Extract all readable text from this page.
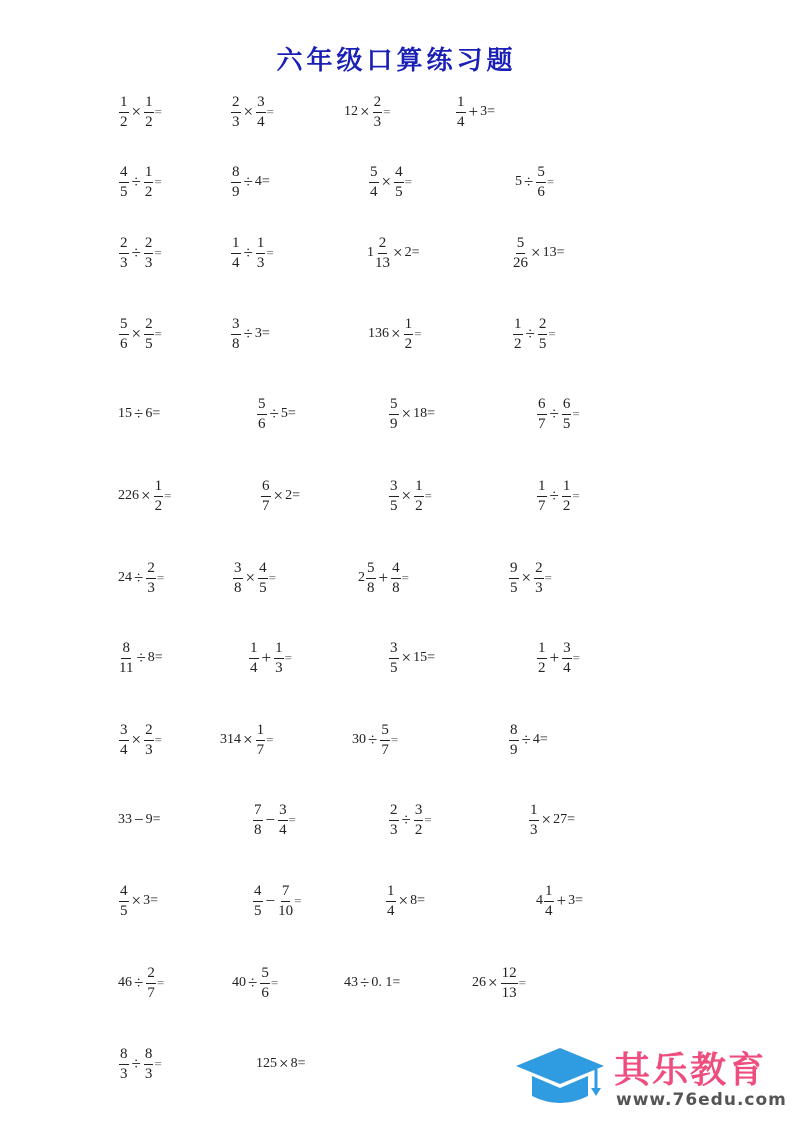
六年级口算练习题
$\frac{1}{2} \times \frac{1}{2}$ =	$\frac{2}{3} \times \frac{3}{4}$ =	$12 \times \frac{2}{3}$ =	$\frac{1}{4} + 3=$
$\frac{4}{5} \div \frac{1}{2}$ =	$\frac{8}{9} \div 4=$	$\frac{5}{4} \times \frac{4}{5}$ =	$5 \div \frac{5}{6}$ =
$\frac{2}{3} \div \frac{2}{3}$ =	$\frac{1}{4} \div \frac{1}{3}$ =	$1 \frac{2}{13} \times 2=$	$\frac{5}{26} \times 13=$
$\frac{5}{6} \times \frac{2}{5}$ =	$\frac{3}{8} \div 3=$	$136 \times \frac{1}{2}$ =	$\frac{1}{2} \div \frac{2}{5}$ =
15 ÷ 6=	$\frac{5}{6} \div 5=$	$\frac{5}{9} \times 18=$	$\frac{6}{7} \div \frac{6}{5}$ =
$226 \times \frac{1}{2}$ =	$\frac{6}{7} \times 2=$	$\frac{3}{5} \times \frac{1}{2}$ =	$\frac{1}{7} \div \frac{1}{2}$ =
$24 \div \frac{2}{3}$ =	$\frac{3}{8} \times \frac{4}{5}$ =	$2 \frac{5}{8} + \frac{4}{8}$ =	$\frac{9}{5} \times \frac{2}{3}$ =
$\frac{8}{11} \div 8=$	$\frac{1}{4} + \frac{1}{3}$ =	$\frac{3}{5} \times 15=$	$\frac{1}{2} + \frac{3}{4}$ =
$\frac{3}{4} \times \frac{2}{3}$ =	$314 \times \frac{1}{7}$ =	$30 \div \frac{5}{7}$ =	$\frac{8}{9} \div 4=$
33 − 9=	$\frac{7}{8} - \frac{3}{4}$ =	$\frac{2}{3} \div \frac{3}{2}$ =	$\frac{1}{3} \times 27=$
$\frac{4}{5} \times 3=$	$\frac{4}{5} - \frac{7}{10}$ =	$\frac{1}{4} \times 8=$	$4 \frac{1}{4} + 3=$
$46 \div \frac{2}{7}$ =	$40 \div \frac{5}{6}$ =	43 ÷ 0. 1=	$26 \times \frac{12}{13}$ =
$\frac{8}{3} \div \frac{8}{3}$ =	125 × 8=	其乐教育
www.76edu.com
